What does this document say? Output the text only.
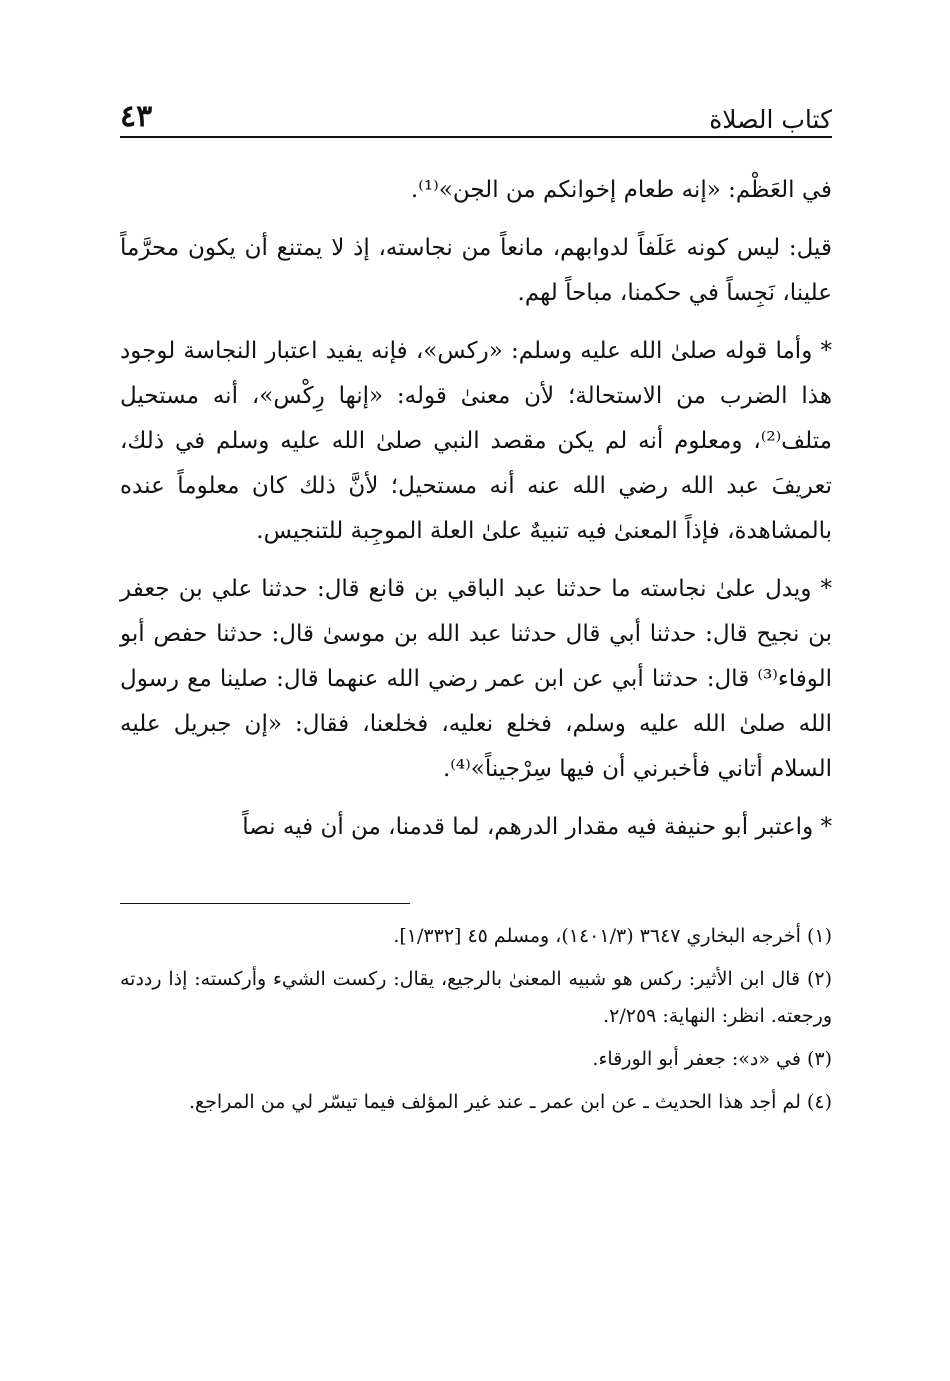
كتاب الصلاة
٤٣

في العَظْم: «إنه طعام إخوانكم من الجن»⁽¹⁾.

قيل: ليس كونه عَلَفاً لدوابهم، مانعاً من نجاسته، إذ لا يمتنع أن يكون محرَّماً علينا، نَجِساً في حكمنا، مباحاً لهم.

* وأما قوله صلىٰ الله عليه وسلم: «ركس»، فإنه يفيد اعتبار النجاسة لوجود هذا الضرب من الاستحالة؛ لأن معنىٰ قوله: «إنها رِكْس»، أنه مستحيل متلف⁽²⁾، ومعلوم أنه لم يكن مقصد النبي صلىٰ الله عليه وسلم في ذلك، تعريفَ عبد الله رضي الله عنه أنه مستحيل؛ لأنَّ ذلك كان معلوماً عنده بالمشاهدة، فإذاً المعنىٰ فيه تنبيهٌ علىٰ العلة الموجِبة للتنجيس.

* ويدل علىٰ نجاسته ما حدثنا عبد الباقي بن قانع قال: حدثنا علي بن جعفر بن نجيح قال: حدثنا أبي قال حدثنا عبد الله بن موسىٰ قال: حدثنا حفص أبو الوفاء⁽³⁾ قال: حدثنا أبي عن ابن عمر رضي الله عنهما قال: صلينا مع رسول الله صلىٰ الله عليه وسلم، فخلع نعليه، فخلعنا، فقال: «إن جبريل عليه السلام أتاني فأخبرني أن فيها سِرْجيناً»⁽⁴⁾.

* واعتبر أبو حنيفة فيه مقدار الدرهم، لما قدمنا، من أن فيه نصاً

(١) أخرجه البخاري ٣٦٤٧ (١٤٠١/٣)، ومسلم ٤٥ [١/٣٣٢].

(٢) قال ابن الأثير: ركس هو شبيه المعنىٰ بالرجيع، يقال: ركست الشيء وأركسته: إذا رددته ورجعته. انظر: النهاية: ٢/٢٥٩.

(٣) في «د»: جعفر أبو الورقاء.

(٤) لم أجد هذا الحديث ـ عن ابن عمر ـ عند غير المؤلف فيما تيسّر لي من المراجع.
